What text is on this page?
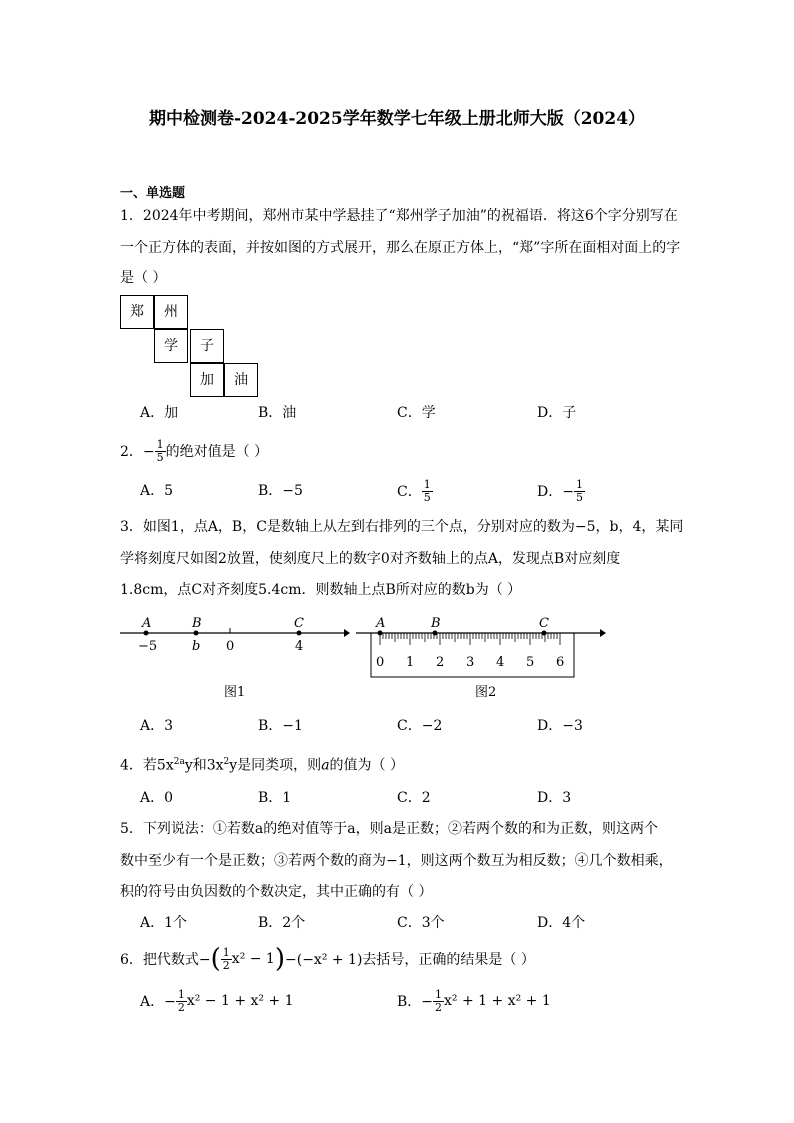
期中检测卷-2024-2025学年数学七年级上册北师大版（2024）
一、单选题
1．2024年中考期间，郑州市某中学悬挂了“郑州学子加油”的祝福语．将这6个字分别写在
一个正方体的表面，并按如图的方式展开，那么在原正方体上，“郑”字所在面相对面上的字
是（ ）
郑	州
学	子
加	油
A．加	B．油	C．学	D．子
2．− $\frac{1}{5}$ 的绝对值是（ ）
A．5	B．−5	C． $\frac{1}{5}$	D．− $\frac{1}{5}$
3．如图1，点A，B，C是数轴上从左到右排列的三个点，分别对应的数为−5，b，4，某同
学将刻度尺如图2放置，使刻度尺上的数字0对齐数轴上的点A，发现点B对应刻度
1.8cm，点C对齐刻度5.4cm．则数轴上点B所对应的数b为（ ）
A	B	C
−5	b 0	4
图1
A	B	C
0 1 2 3 4 5 6
图2
A．3	B．−1	C．−2	D．−3
4．若$5x^{2a}y$和$3x^2y$是同类项，则a的值为（ ）
A．0	B．1	C．2	D．3
5．下列说法：①若数a的绝对值等于a，则a是正数；②若两个数的和为正数，则这两个
数中至少有一个是正数；③若两个数的商为−1，则这两个数互为相反数；④几个数相乘，
积的符号由负因数的个数决定，其中正确的有（ ）
A．1个	B．2个	C．3个	D．4个
6．把代数式− ( $\frac{1}{2} x^2 - 1$ ) −(−x² + 1)去括号，正确的结果是（ ）
A．− $\frac{1}{2} x^2 - 1 + x^2 + 1$	B．− $\frac{1}{2} x^2 + 1 + x^2 + 1$
